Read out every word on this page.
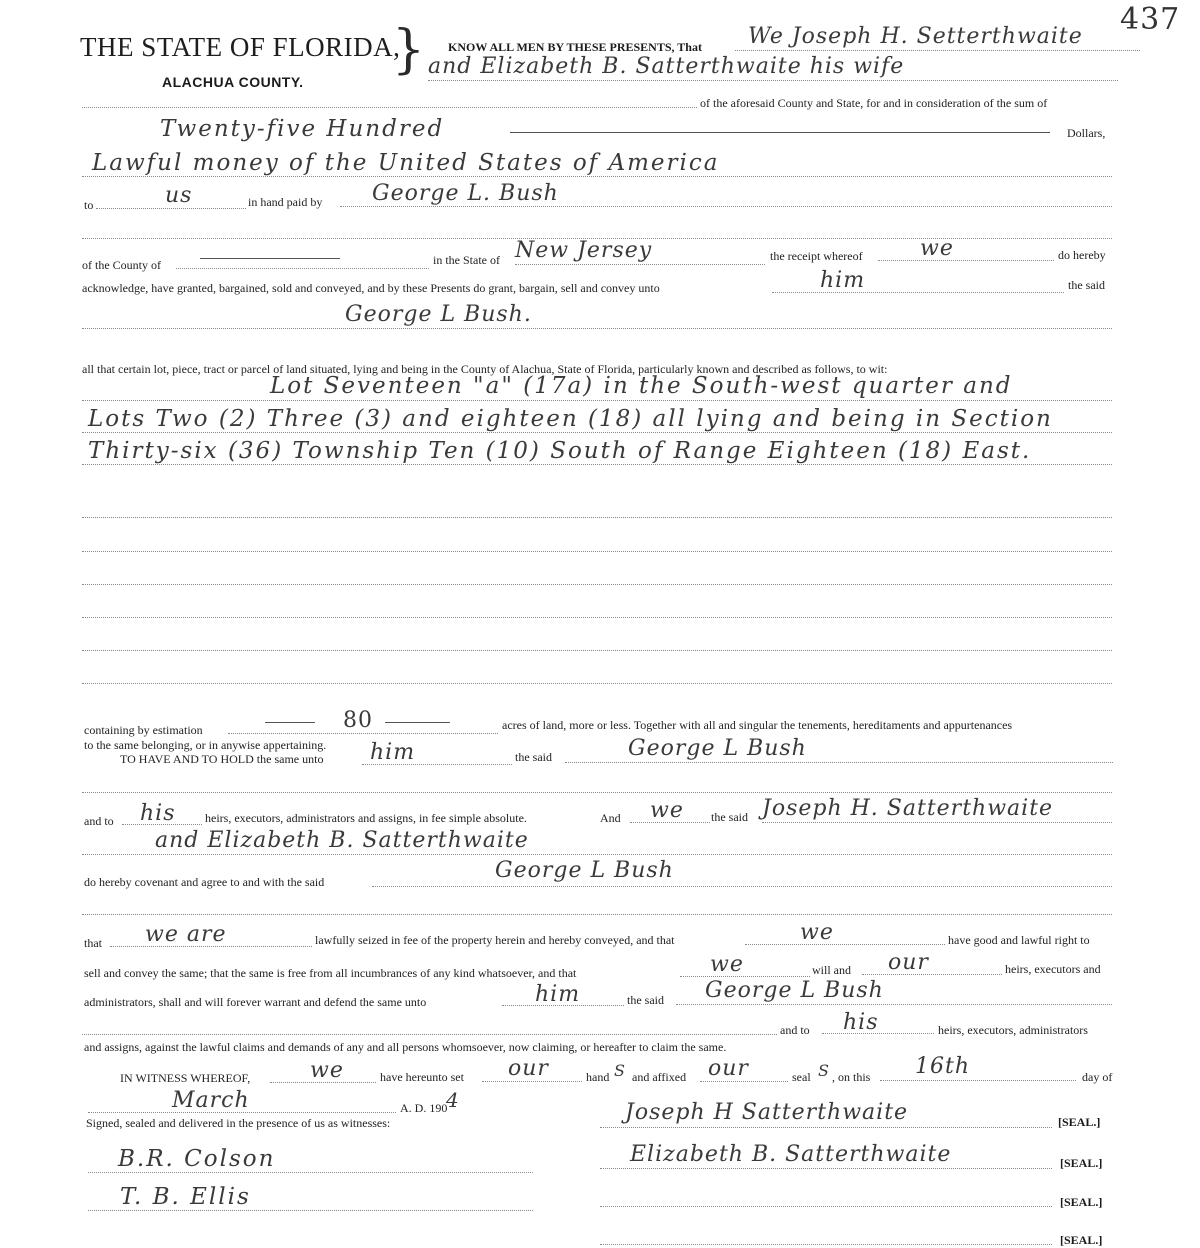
437
THE STATE OF FLORIDA,
ALACHUA COUNTY.
} KNOW ALL MEN BY THESE PRESENTS, That We Joseph H. Setterthwaite
and Elizabeth B. Satterthwaite his wife
of the aforesaid County and State, for and in consideration of the sum of
Twenty-five Hundred	Dollars,
Lawful money of the United States of America
to	us	in hand paid by George L. Bush
of the County of	in the State of New Jersey	the receipt whereof	we	do hereby
acknowledge, have granted, bargained, sold and conveyed, and by these Presents do grant, bargain, sell and convey unto	him	the said
George L Bush.
all that certain lot, piece, tract or parcel of land situated, lying and being in the County of Alachua, State of Florida, particularly known and described as follows, to wit:
Lot Seventeen "a" (17a) in the South-west quarter and
Lots Two (2) Three (3) and eighteen (18) all lying and being in Section
Thirty-six (36) Township Ten (10) South of Range Eighteen (18) East.
containing by estimation	80	acres of land, more or less. Together with all and singular the tenements, hereditaments and appurtenances
to the same belonging, or in anywise appertaining.
TO HAVE AND TO HOLD the same unto him	the said	George L Bush
and to his heirs, executors, administrators and assigns, in fee simple absolute.	And we the said Joseph H. Satterthwaite
and Elizabeth B. Satterthwaite
do hereby covenant and agree to and with the said	George L Bush
that we are	lawfully seized in fee of the property herein and hereby conveyed, and that	we	have good and lawful right to
sell and convey the same; that the same is free from all incumbrances of any kind whatsoever, and that	we	will and our	heirs, executors and
administrators, shall and will forever warrant and defend the same unto	him	the said George L Bush
and to his	heirs, executors, administrators
and assigns, against the lawful claims and demands of any and all persons whomsoever, now claiming, or hereafter to claim the same.
IN WITNESS WHEREOF,	we	have hereunto set our	hand S and affixed our	seal S , on this 16th	day of
March	A. D. 190
4
Signed, sealed and delivered in the presence of us as witnesses:	Joseph H Satterthwaite	[SEAL.]
Elizabeth B. Satterthwaite	[SEAL.]
[SEAL.]
[SEAL.]
B.R. Colson
T. B. Ellis
